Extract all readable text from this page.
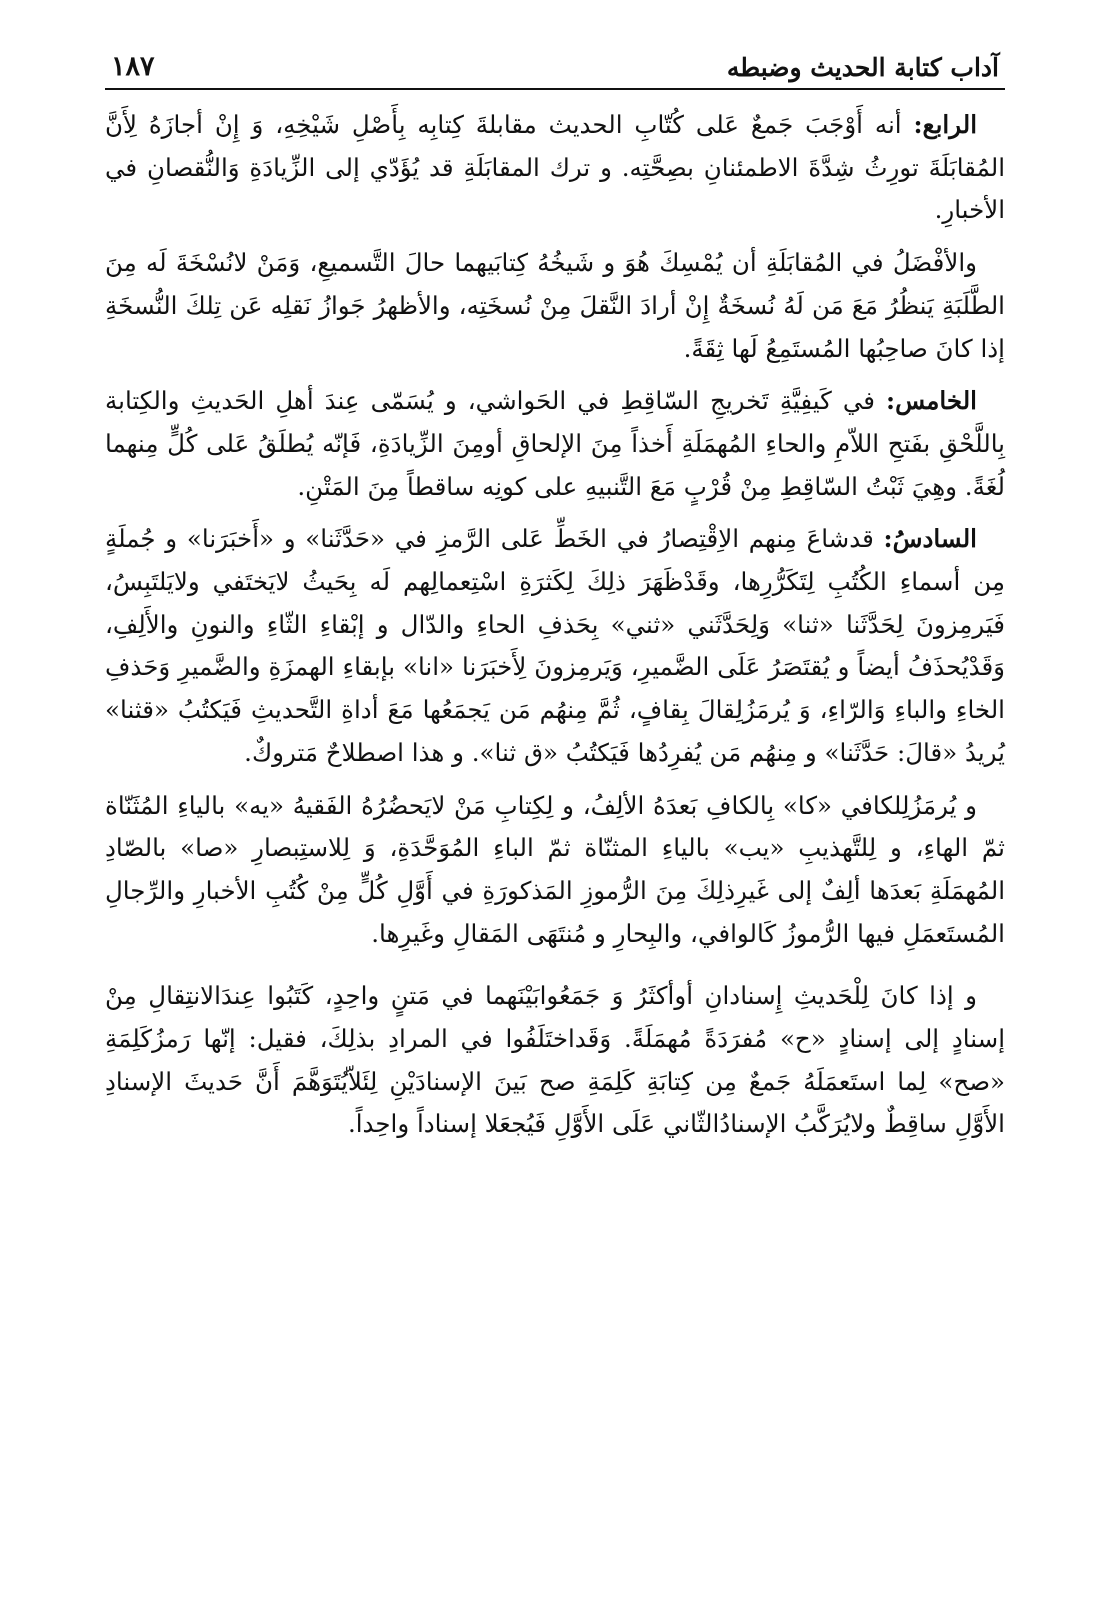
آداب كتابة الحديث وضبطه
١٨٧

الرابع: أنه أَوْجَبَ جَمعٌ عَلى كُتّابِ الحديث مقابلةَ كِتابِه بِأَصْلِ شَيْخِهِ، وَ إِنْ أجازَهُ لِأَنَّ المُقابَلَةَ تورِثُ شِدَّةَ الاطمئنانِ بصِحَّتِه. و ترك المقابَلَةِ قد يُؤَدّي إلى الزِّيادَةِ وَالنُّقصانِ في الأخبارِ.

والأفْضَلُ في المُقابَلَةِ أن يُمْسِكَ هُوَ و شَيخُهُ كِتابَيهما حالَ التَّسميعِ، وَمَنْ لانُسْخَةَ لَه مِنَ الطَّلَبَةِ يَنظُرُ مَعَ مَن لَهُ نُسخَةٌ إِنْ أرادَ النَّقلَ مِنْ نُسخَتِه، والأظهرُ جَوازُ نَقلِه عَن تِلكَ النُّسخَةِ إذا كانَ صاحِبُها المُستَمِعُ لَها ثِقَةً.

الخامس: في كَيفِيَّةِ تَخريجِ السّاقِطِ في الحَواشي، و يُسَمّى عِندَ أهلِ الحَديثِ والكِتابة بِاللَّحْقِ بفَتحِ اللاّمِ والحاءِ المُهمَلَةِ أَخذاً مِنَ الإلحاقِ أومِنَ الزِّيادَةِ، فَإنّه يُطلَقُ عَلى كُلٍّ مِنهما لُغَةً. وهِيَ ثَبْتُ السّاقِطِ مِنْ قُرْبٍ مَعَ التَّنبيهِ على كونِه ساقطاً مِنَ المَتْنِ.

السادسُ: قدشاعَ مِنهم الاِقْتِصارُ في الخَطِّ عَلى الرَّمزِ في «حَدَّثَنا» و «أَخبَرَنا» و جُملَةٍ مِن أسماءِ الكُتُبِ لِتَكَرُّرِها، وقَدْظَهَرَ ذلِكَ لِكَثرَةِ اسْتِعمالِهم لَه بِحَيثُ لايَختَفي ولايَلتَبِسُ، فَيَرمِزونَ لِحَدَّثَنا «ثنا» وَلِحَدَّثَني «ثني» بِحَذفِ الحاءِ والدّال و إبْقاءِ الثّاءِ والنونِ والأَلِفِ، وَقَدْيُحذَفُ أيضاً و يُقتَصَرُ عَلَى الضَّميرِ، وَيَرمِزونَ لِأَخبَرَنا «انا» بإبقاءِ الهمزَةِ والضَّميرِ وَحَذفِ الخاءِ والباءِ وَالرّاءِ، وَ يُرمَزُلِقالَ بِقافٍ، ثُمَّ مِنهُم مَن يَجمَعُها مَعَ أداةِ التَّحديثِ فَيَكتُبُ «قثنا» يُريدُ «قالَ: حَدَّثَنا» و مِنهُم مَن يُفرِدُها فَيَكتُبُ «ق ثنا». و هذا اصطلاحٌ مَتروكٌ.

و يُرمَزُلِلكافي «كا» بِالكافِ بَعدَهُ الألِفُ، و لِكِتابِ مَنْ لايَحضُرُهُ الفَقيهُ «يه» بالياءِ المُثَنّاة ثمّ الهاءِ، و لِلتَّهذيبِ «يب» بالياءِ المثنّاة ثمّ الباءِ المُوَحَّدَةِ، وَ لِلاستِبصارِ «صا» بالصّادِ المُهمَلَةِ بَعدَها ألِفٌ إلى غَيرِذلِكَ مِنَ الرُّموزِ المَذكورَةِ في أَوَّلِ كُلٍّ مِنْ كُتُبِ الأخبارِ والرِّجالِ المُستَعمَلِ فيها الرُّموزُ كَالوافي، والبِحارِ و مُنتَهَى المَقالِ وغَيرِها.

و إذا كانَ لِلْحَديثِ إِسنادانِ أوأكثَرُ وَ جَمَعُوابَيْنَهما في مَتنٍ واحِدٍ، كَتَبُوا عِندَالانتِقالِ مِنْ إسنادٍ إلى إسنادٍ «ح» مُفرَدَةً مُهمَلَةً. وَقَداختَلَفُوا في المرادِ بذلِكَ، فقيل: إنّها رَمزُكَلِمَةِ «صح» لِما استَعمَلَهُ جَمعٌ مِن كِتابَةِ كَلِمَةِ صح بَينَ الإسنادَيْنِ لِئَلاّيُتَوَهَّمَ أَنَّ حَديثَ الإسنادِ الأَوَّلِ ساقِطٌ ولايُرَكَّبُ الإسنادُالثّاني عَلَى الأَوَّلِ فَيُجعَلا إسناداً واحِداً.
